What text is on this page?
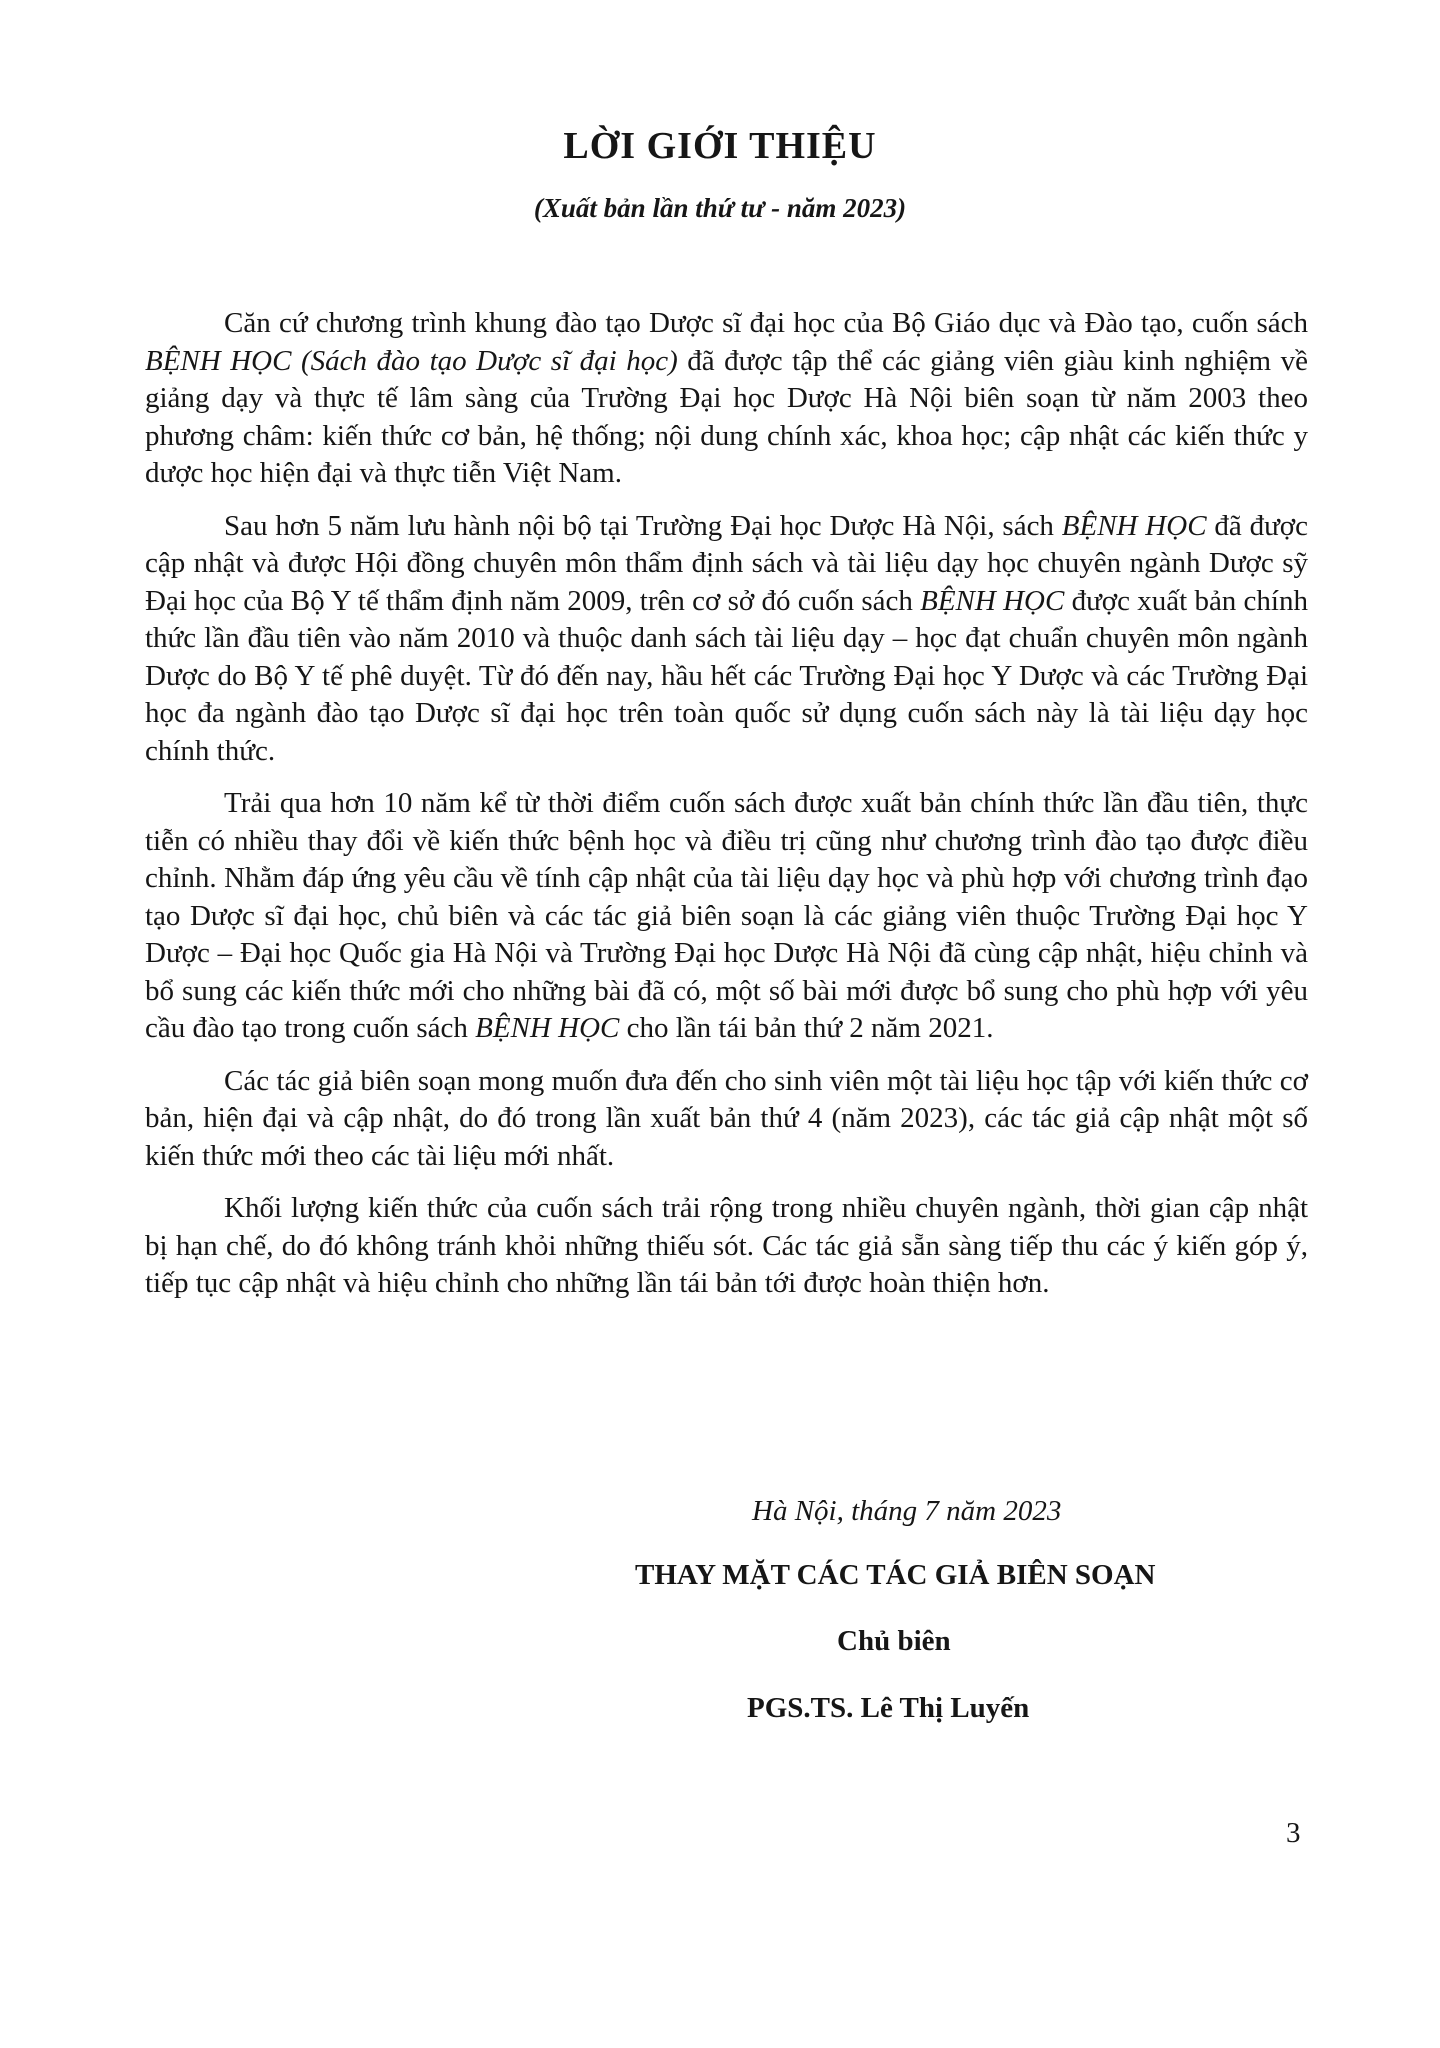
LỜI GIỚI THIỆU
(Xuất bản lần thứ tư - năm 2023)

Căn cứ chương trình khung đào tạo Dược sĩ đại học của Bộ Giáo dục và Đào tạo, cuốn sách BỆNH HỌC (Sách đào tạo Dược sĩ đại học) đã được tập thể các giảng viên giàu kinh nghiệm về giảng dạy và thực tế lâm sàng của Trường Đại học Dược Hà Nội biên soạn từ năm 2003 theo phương châm: kiến thức cơ bản, hệ thống; nội dung chính xác, khoa học; cập nhật các kiến thức y dược học hiện đại và thực tiễn Việt Nam.

Sau hơn 5 năm lưu hành nội bộ tại Trường Đại học Dược Hà Nội, sách BỆNH HỌC đã được cập nhật và được Hội đồng chuyên môn thẩm định sách và tài liệu dạy học chuyên ngành Dược sỹ Đại học của Bộ Y tế thẩm định năm 2009, trên cơ sở đó cuốn sách BỆNH HỌC được xuất bản chính thức lần đầu tiên vào năm 2010 và thuộc danh sách tài liệu dạy – học đạt chuẩn chuyên môn ngành Dược do Bộ Y tế phê duyệt. Từ đó đến nay, hầu hết các Trường Đại học Y Dược và các Trường Đại học đa ngành đào tạo Dược sĩ đại học trên toàn quốc sử dụng cuốn sách này là tài liệu dạy học chính thức.

Trải qua hơn 10 năm kể từ thời điểm cuốn sách được xuất bản chính thức lần đầu tiên, thực tiễn có nhiều thay đổi về kiến thức bệnh học và điều trị cũng như chương trình đào tạo được điều chỉnh. Nhằm đáp ứng yêu cầu về tính cập nhật của tài liệu dạy học và phù hợp với chương trình đạo tạo Dược sĩ đại học, chủ biên và các tác giả biên soạn là các giảng viên thuộc Trường Đại học Y Dược – Đại học Quốc gia Hà Nội và Trường Đại học Dược Hà Nội đã cùng cập nhật, hiệu chỉnh và bổ sung các kiến thức mới cho những bài đã có, một số bài mới được bổ sung cho phù hợp với yêu cầu đào tạo trong cuốn sách BỆNH HỌC cho lần tái bản thứ 2 năm 2021.

Các tác giả biên soạn mong muốn đưa đến cho sinh viên một tài liệu học tập với kiến thức cơ bản, hiện đại và cập nhật, do đó trong lần xuất bản thứ 4 (năm 2023), các tác giả cập nhật một số kiến thức mới theo các tài liệu mới nhất.

Khối lượng kiến thức của cuốn sách trải rộng trong nhiều chuyên ngành, thời gian cập nhật bị hạn chế, do đó không tránh khỏi những thiếu sót. Các tác giả sẵn sàng tiếp thu các ý kiến góp ý, tiếp tục cập nhật và hiệu chỉnh cho những lần tái bản tới được hoàn thiện hơn.

Hà Nội, tháng 7 năm 2023
THAY MẶT CÁC TÁC GIẢ BIÊN SOẠN
Chủ biên
PGS.TS. Lê Thị Luyến
3
